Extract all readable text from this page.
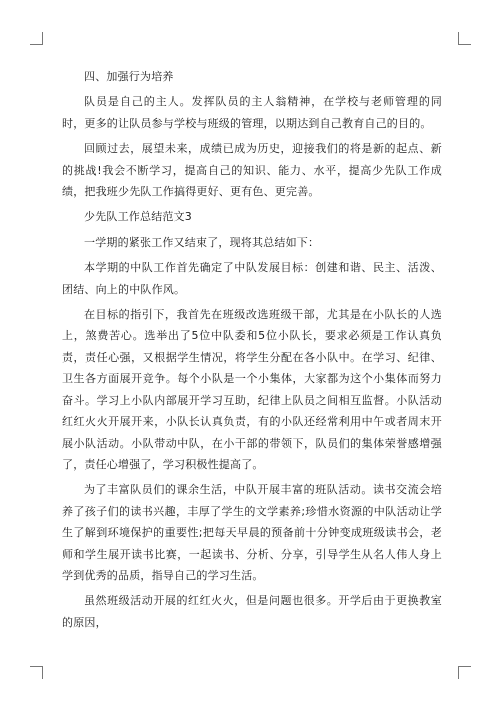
四、加强行为培养

队员是自己的主人。发挥队员的主人翁精神，在学校与老师管理的同时，更多的让队员参与学校与班级的管理，以期达到自己教育自己的目的。

回顾过去，展望未来，成绩已成为历史，迎接我们的将是新的起点、新的挑战!我会不断学习，提高自己的知识、能力、水平，提高少先队工作成绩，把我班少先队工作搞得更好、更有色、更完善。

少先队工作总结范文3

一学期的紧张工作又结束了，现将其总结如下：

本学期的中队工作首先确定了中队发展目标：创建和谐、民主、活泼、团结、向上的中队作风。

在目标的指引下，我首先在班级改选班级干部，尤其是在小队长的人选上，煞费苦心。选举出了5位中队委和5位小队长，要求必须是工作认真负责，责任心强，又根据学生情况，将学生分配在各小队中。在学习、纪律、卫生各方面展开竞争。每个小队是一个小集体，大家都为这个小集体而努力奋斗。学习上小队内部展开学习互助，纪律上队员之间相互监督。小队活动红红火火开展开来，小队长认真负责，有的小队还经常利用中午或者周末开展小队活动。小队带动中队，在小干部的带领下，队员们的集体荣誉感增强了，责任心增强了，学习积极性提高了。

为了丰富队员们的课余生活，中队开展丰富的班队活动。读书交流会培养了孩子们的读书兴趣，丰厚了学生的文学素养;珍惜水资源的中队活动让学生了解到环境保护的重要性;把每天早晨的预备前十分钟变成班级读书会，老师和学生展开读书比赛，一起读书、分析、分享，引导学生从名人伟人身上学到优秀的品质，指导自己的学习生活。

虽然班级活动开展的红红火火，但是问题也很多。开学后由于更换教室的原因，
